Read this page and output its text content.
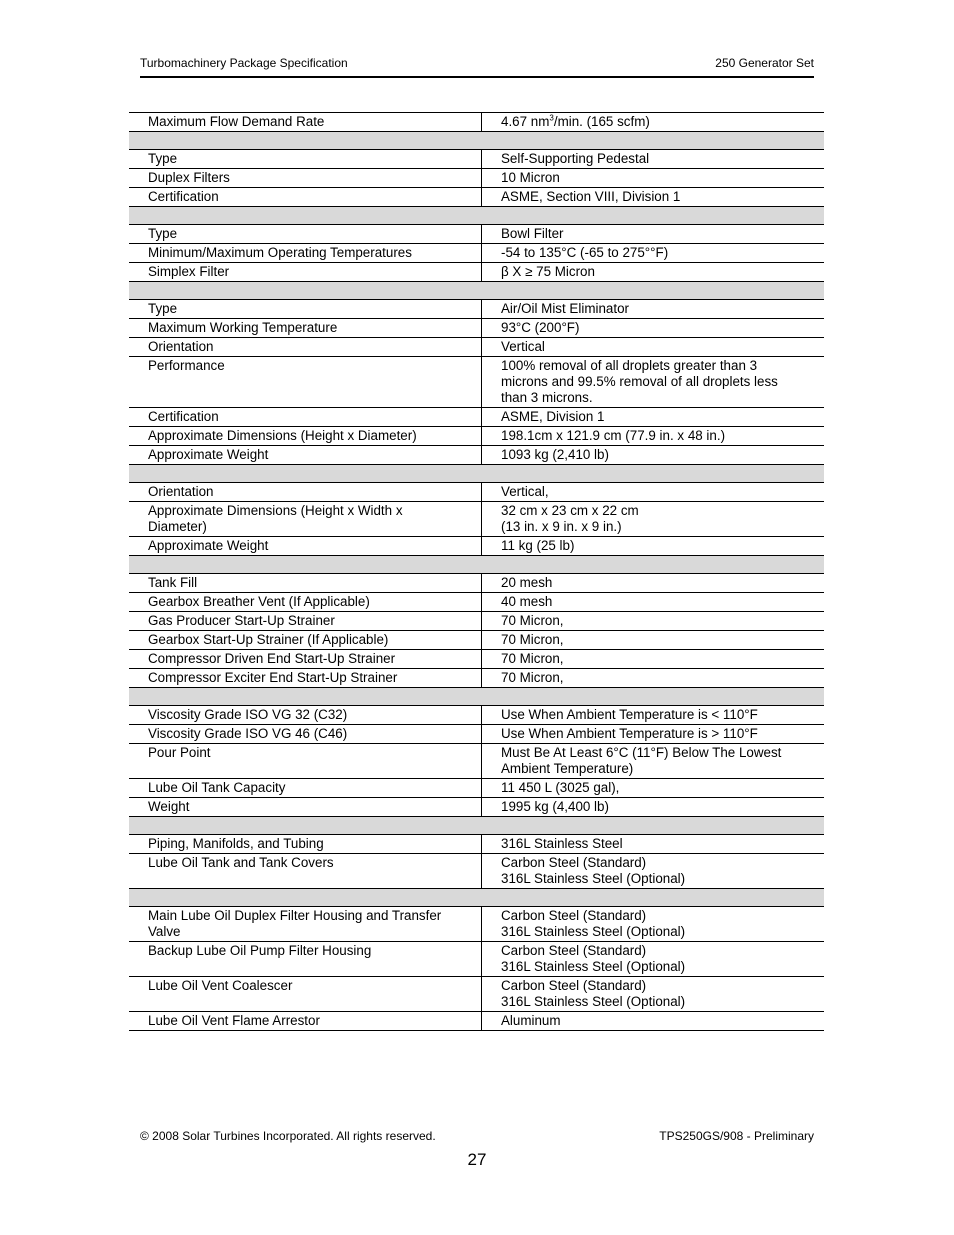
Turbomachinery Package Specification	250 Generator Set
Maximum Flow Demand Rate	4.67 $nm^3/\min$. (165 scfm)

Type	Self-Supporting Pedestal

Duplex Filters	10 Micron

Certification	ASME, Section VIII, Division 1

Type	Bowl Filter

Minimum/Maximum Operating Temperatures	-54 to 135°C (-65 to 275°°F)

Simplex Filter	β X ≥ 75 Micron

Type	Air/Oil Mist Eliminator

Maximum Working Temperature	93°C (200°F)

Orientation	Vertical

Performance	100% removal of all droplets greater than 3
microns and 99.5% removal of all droplets less
than 3 microns.

Certification	ASME, Division 1

Approximate Dimensions (Height x Diameter)	198.1cm x 121.9 cm (77.9 in. x 48 in.)

Approximate Weight	1093 kg (2,410 lb)

Orientation	Vertical,

Approximate Dimensions (Height x Width x
Diameter)	32 cm x 23 cm x 22 cm
(13 in. x 9 in. x 9 in.)

Approximate Weight	11 kg (25 lb)

Tank Fill	20 mesh

Gearbox Breather Vent (If Applicable)	40 mesh

Gas Producer Start-Up Strainer	70 Micron,

Gearbox Start-Up Strainer (If Applicable)	70 Micron,

Compressor Driven End Start-Up Strainer	70 Micron,

Compressor Exciter End Start-Up Strainer	70 Micron,

Viscosity Grade ISO VG 32 (C32)	Use When Ambient Temperature is < 110°F

Viscosity Grade ISO VG 46 (C46)	Use When Ambient Temperature is > 110°F

Pour Point	Must Be At Least 6°C (11°F) Below The Lowest
Ambient Temperature)

Lube Oil Tank Capacity	11 450 L (3025 gal),

Weight	1995 kg (4,400 lb)

Piping, Manifolds, and Tubing	316L Stainless Steel

Lube Oil Tank and Tank Covers	Carbon Steel (Standard)
316L Stainless Steel (Optional)

Main Lube Oil Duplex Filter Housing and Transfer
Valve	Carbon Steel (Standard)
316L Stainless Steel (Optional)

Backup Lube Oil Pump Filter Housing	Carbon Steel (Standard)
316L Stainless Steel (Optional)

Lube Oil Vent Coalescer	Carbon Steel (Standard)
316L Stainless Steel (Optional)

Lube Oil Vent Flame Arrestor	Aluminum
© 2008 Solar Turbines Incorporated. All rights reserved.	TPS250GS/908 - Preliminary
27
